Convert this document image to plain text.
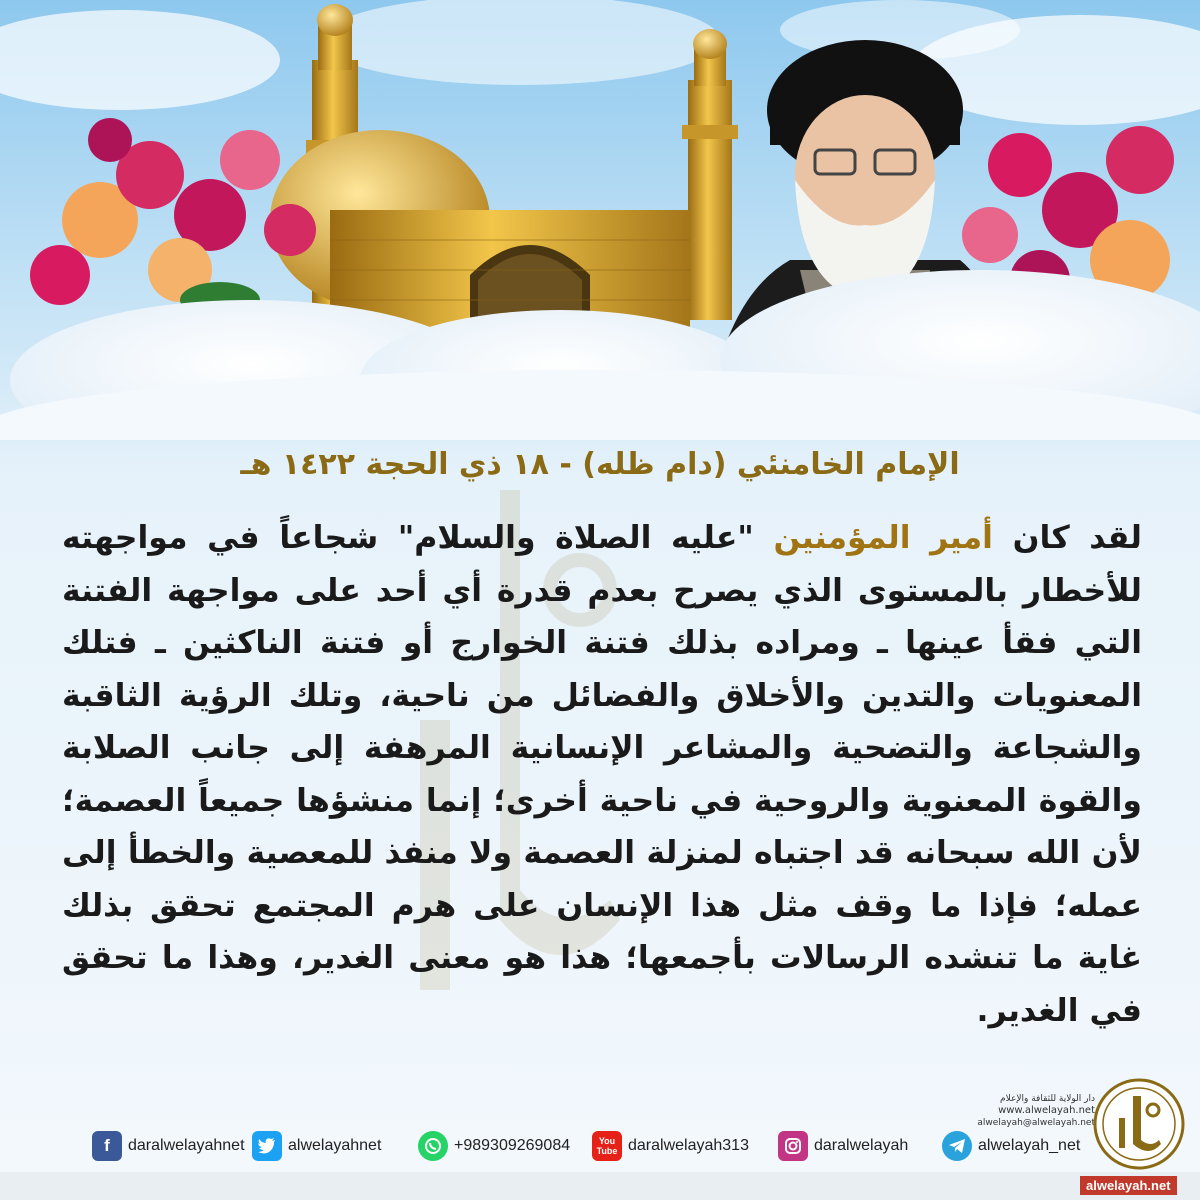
الإمام الخامنئي (دام ظله) - ١٨ ذي الحجة ١٤٢٢ هـ
لقد كان أمير المؤمنين "عليه الصلاة والسلام" شجاعاً في مواجهته للأخطار بالمستوى الذي يصرح بعدم قدرة أي أحد على مواجهة الفتنة التي فقأ عينها ـ ومراده بذلك فتنة الخوارج أو فتنة الناكثين ـ فتلك المعنويات والتدين والأخلاق والفضائل من ناحية، وتلك الرؤية الثاقبة والشجاعة والتضحية والمشاعر الإنسانية المرهفة إلى جانب الصلابة والقوة المعنوية والروحية في ناحية أخرى؛ إنما منشؤها جميعاً العصمة؛ لأن الله سبحانه قد اجتباه لمنزلة العصمة ولا منفذ للمعصية والخطأ إلى عمله؛ فإذا ما وقف مثل هذا الإنسان على هرم المجتمع تحقق بذلك غاية ما تنشده الرسالات بأجمعها؛ هذا هو معنى الغدير، وهذا ما تحقق في الغدير.
دار الولاية للثقافة والإعلام
www.alwelayah.net
alwelayah@alwelayah.net
f	daralwelayahnet	alwelayahnet	+989309269084	You
Tube daralwelayah313	daralwelayah	alwelayah_net
alwelayah.net
